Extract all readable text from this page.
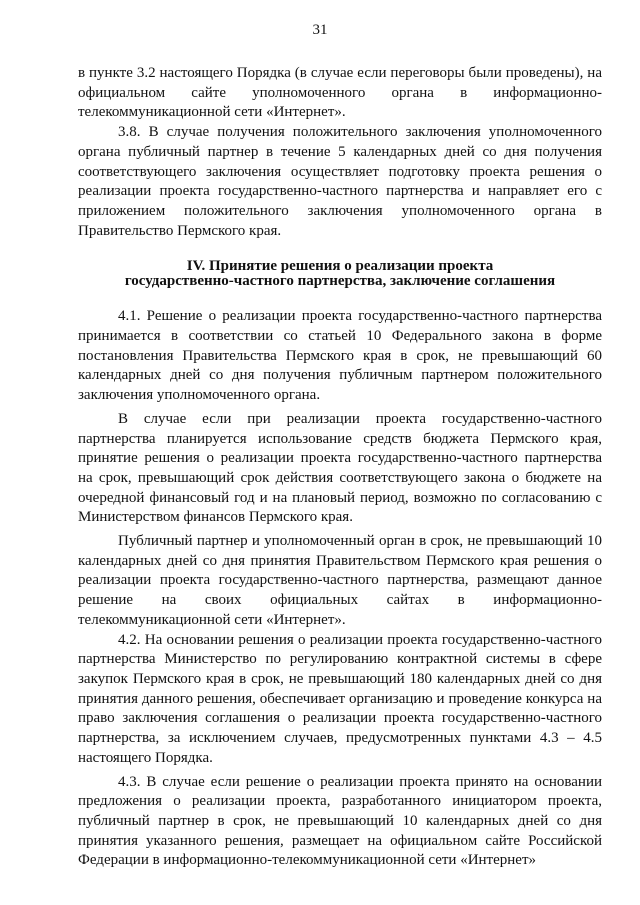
31

в пункте 3.2 настоящего Порядка (в случае если переговоры были проведены), на официальном сайте уполномоченного органа в информационно-телекоммуникационной сети «Интернет».

3.8. В случае получения положительного заключения уполномоченного органа публичный партнер в течение 5 календарных дней со дня получения соответствующего заключения осуществляет подготовку проекта решения о реализации проекта государственно-частного партнерства и направляет его с приложением положительного заключения уполномоченного органа в Правительство Пермского края.

IV. Принятие решения о реализации проекта
государственно-частного партнерства, заключение соглашения

4.1. Решение о реализации проекта государственно-частного партнерства принимается в соответствии со статьей 10 Федерального закона в форме постановления Правительства Пермского края в срок, не превышающий 60 календарных дней со дня получения публичным партнером положительного заключения уполномоченного органа.

В случае если при реализации проекта государственно-частного партнерства планируется использование средств бюджета Пермского края, принятие решения о реализации проекта государственно-частного партнерства на срок, превышающий срок действия соответствующего закона о бюджете на очередной финансовый год и на плановый период, возможно по согласованию с Министерством финансов Пермского края.

Публичный партнер и уполномоченный орган в срок, не превышающий 10 календарных дней со дня принятия Правительством Пермского края решения о реализации проекта государственно-частного партнерства, размещают данное решение на своих официальных сайтах в информационно-телекоммуникационной сети «Интернет».

4.2. На основании решения о реализации проекта государственно-частного партнерства Министерство по регулированию контрактной системы в сфере закупок Пермского края в срок, не превышающий 180 календарных дней со дня принятия данного решения, обеспечивает организацию и проведение конкурса на право заключения соглашения о реализации проекта государственно-частного партнерства, за исключением случаев, предусмотренных пунктами 4.3 – 4.5 настоящего Порядка.

4.3. В случае если решение о реализации проекта принято на основании предложения о реализации проекта, разработанного инициатором проекта, публичный партнер в срок, не превышающий 10 календарных дней со дня принятия указанного решения, размещает на официальном сайте Российской Федерации в информационно-телекоммуникационной сети «Интернет»
